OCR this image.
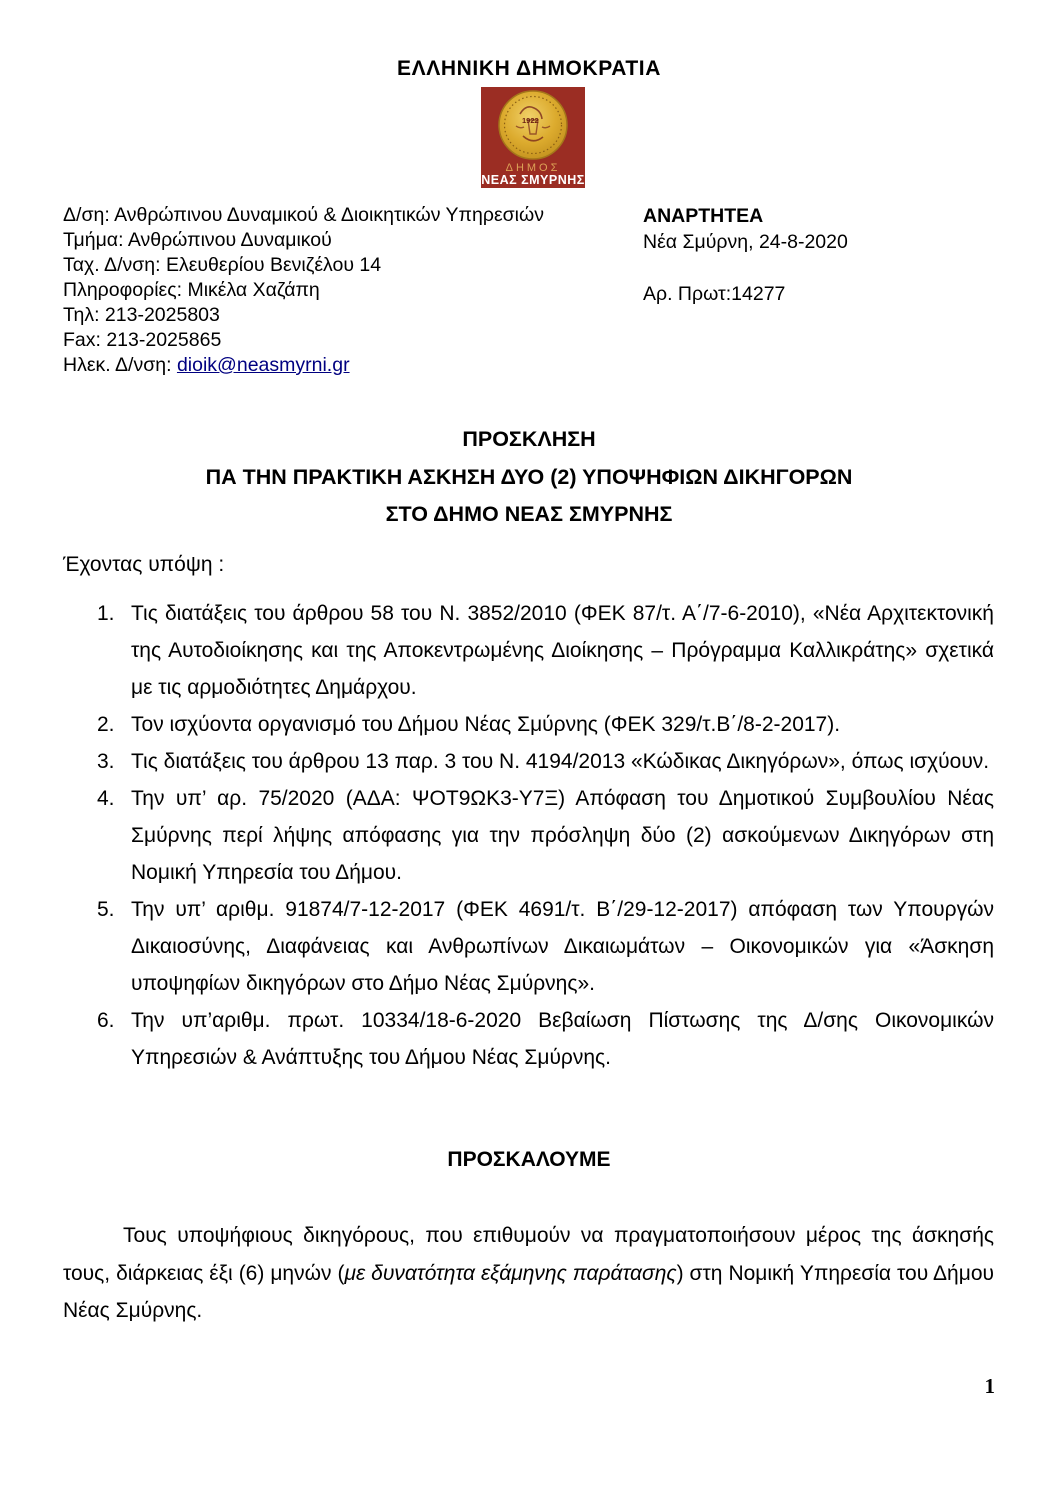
ΕΛΛΗΝΙΚΗ ΔΗΜΟΚΡΑΤΙΑ
1922
ΔΗΜΟΣ
ΝΕΑΣ ΣΜΥΡΝΗΣ
Δ/ση: Ανθρώπινου Δυναμικού & Διοικητικών Υπηρεσιών
Τμήμα: Ανθρώπινου Δυναμικού
Ταχ. Δ/νση: Ελευθερίου Βενιζέλου 14
Πληροφορίες: Μικέλα Χαζάπη
Τηλ: 213-2025803
Fax: 213-2025865
Ηλεκ. Δ/νση: dioik@neasmyrni.gr
ΑΝΑΡΤΗΤΕΑ
Νέα Σμύρνη, 24-8-2020
Αρ. Πρωτ:14277
ΠΡΟΣΚΛΗΣΗ
ΠΑ ΤΗΝ ΠΡΑΚΤΙΚΗ ΑΣΚΗΣΗ ΔΥΟ (2) ΥΠΟΨΗΦΙΩΝ ΔΙΚΗΓΟΡΩΝ
ΣΤΟ ΔΗΜΟ ΝΕΑΣ ΣΜΥΡΝΗΣ
Έχοντας υπόψη :
1. Τις διατάξεις του άρθρου 58 του Ν. 3852/2010 (ΦΕΚ 87/τ. Α΄/7-6-2010), «Νέα Αρχιτεκτονική της Αυτοδιοίκησης και της Αποκεντρωμένης Διοίκησης – Πρόγραμμα Καλλικράτης» σχετικά με τις αρμοδιότητες Δημάρχου.
2. Τον ισχύοντα οργανισμό του Δήμου Νέας Σμύρνης (ΦΕΚ 329/τ.Β΄/8-2-2017).
3. Τις διατάξεις του άρθρου 13 παρ. 3 του Ν. 4194/2013 «Κώδικας Δικηγόρων», όπως ισχύουν.
4. Την υπ’ αρ. 75/2020 (ΑΔΑ: ΨΟΤ9ΩΚ3-Υ7Ξ) Απόφαση του Δημοτικού Συμβουλίου Νέας Σμύρνης περί λήψης απόφασης για την πρόσληψη δύο (2) ασκούμενων Δικηγόρων στη Νομική Υπηρεσία του Δήμου.
5. Την υπ’ αριθμ. 91874/7-12-2017 (ΦΕΚ 4691/τ. Β΄/29-12-2017) απόφαση των Υπουργών Δικαιοσύνης, Διαφάνειας και Ανθρωπίνων Δικαιωμάτων – Οικονομικών για «Άσκηση υποψηφίων δικηγόρων στο Δήμο Νέας Σμύρνης».
6. Την υπ’αριθμ. πρωτ. 10334/18-6-2020 Βεβαίωση Πίστωσης της Δ/σης Οικονομικών Υπηρεσιών & Ανάπτυξης του Δήμου Νέας Σμύρνης.
ΠΡΟΣΚΑΛΟΥΜΕ

Τους υποψήφιους δικηγόρους, που επιθυμούν να πραγματοποιήσουν μέρος της άσκησής τους, διάρκειας έξι (6) μηνών (με δυνατότητα εξάμηνης παράτασης) στη Νομική Υπηρεσία του Δήμου Νέας Σμύρνης.

1
